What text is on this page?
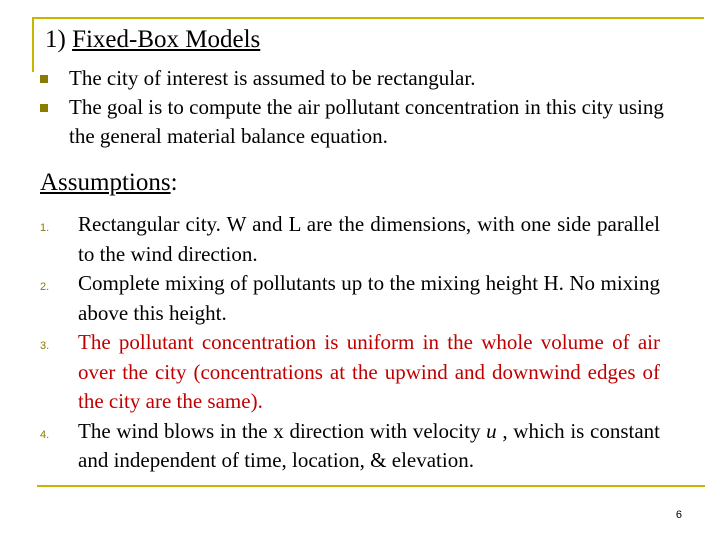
1) Fixed-Box Models
The city of interest is assumed to be rectangular.
The goal is to compute the air pollutant concentration in this city using the general material balance equation.
Assumptions:
1. Rectangular city. W and L are the dimensions, with one side parallel to the wind direction.
2. Complete mixing of pollutants up to the mixing height H. No mixing above this height.
3. The pollutant concentration is uniform in the whole volume of air over the city (concentrations at the upwind and downwind edges of the city are the same).
4. The wind blows in the x direction with velocity u , which is constant and independent of time, location, & elevation.
6
